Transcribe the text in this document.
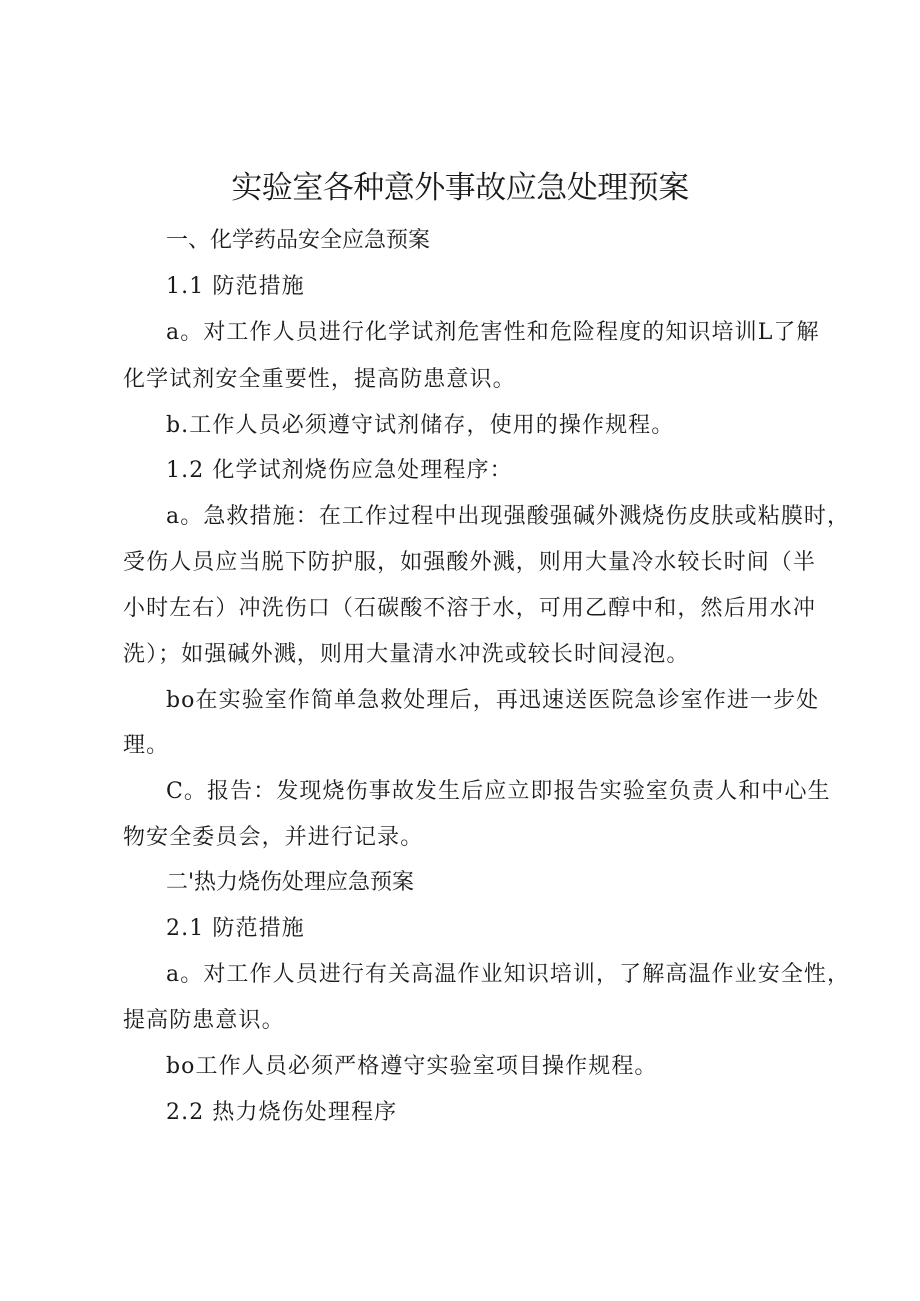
实验室各种意外事故应急处理预案
一、化学药品安全应急预案
1.1 防范措施
a。对工作人员进行化学试剂危害性和危险程度的知识培训L了解
化学试剂安全重要性，提高防患意识。
b.工作人员必须遵守试剂储存，使用的操作规程。
1.2 化学试剂烧伤应急处理程序：
a。急救措施：在工作过程中出现强酸强碱外溅烧伤皮肤或粘膜时，
受伤人员应当脱下防护服，如强酸外溅，则用大量冷水较长时间（半
小时左右）冲洗伤口（石碳酸不溶于水，可用乙醇中和，然后用水冲
洗）；如强碱外溅，则用大量清水冲洗或较长时间浸泡。
bo在实验室作简单急救处理后，再迅速送医院急诊室作进一步处
理。
C。报告：发现烧伤事故发生后应立即报告实验室负责人和中心生
物安全委员会，并进行记录。
二'热力烧伤处理应急预案
2.1 防范措施
a。对工作人员进行有关高温作业知识培训，了解高温作业安全性，
提高防患意识。
bo工作人员必须严格遵守实验室项目操作规程。
2.2 热力烧伤处理程序
